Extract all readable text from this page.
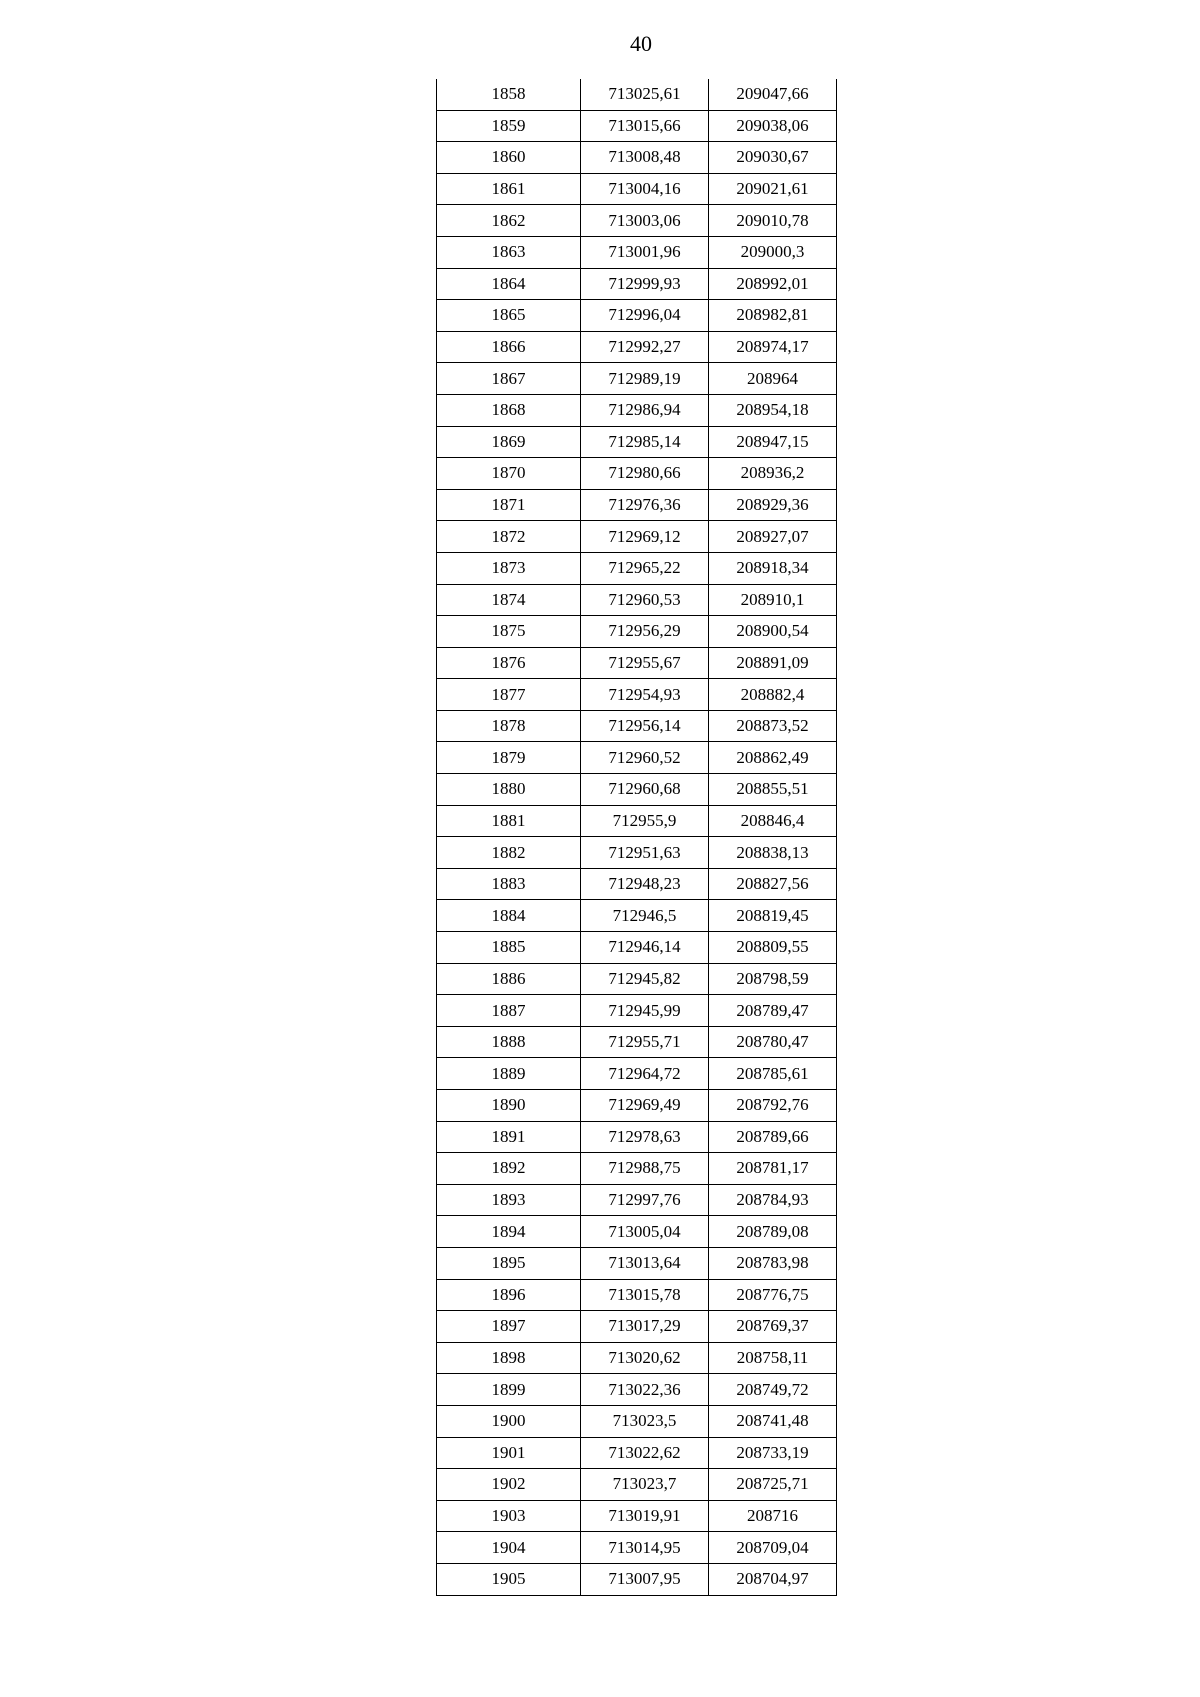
40
1858	713025,61	209047,66
1859	713015,66	209038,06
1860	713008,48	209030,67
1861	713004,16	209021,61
1862	713003,06	209010,78
1863	713001,96	209000,3
1864	712999,93	208992,01
1865	712996,04	208982,81
1866	712992,27	208974,17
1867	712989,19	208964
1868	712986,94	208954,18
1869	712985,14	208947,15
1870	712980,66	208936,2
1871	712976,36	208929,36
1872	712969,12	208927,07
1873	712965,22	208918,34
1874	712960,53	208910,1
1875	712956,29	208900,54
1876	712955,67	208891,09
1877	712954,93	208882,4
1878	712956,14	208873,52
1879	712960,52	208862,49
1880	712960,68	208855,51
1881	712955,9	208846,4
1882	712951,63	208838,13
1883	712948,23	208827,56
1884	712946,5	208819,45
1885	712946,14	208809,55
1886	712945,82	208798,59
1887	712945,99	208789,47
1888	712955,71	208780,47
1889	712964,72	208785,61
1890	712969,49	208792,76
1891	712978,63	208789,66
1892	712988,75	208781,17
1893	712997,76	208784,93
1894	713005,04	208789,08
1895	713013,64	208783,98
1896	713015,78	208776,75
1897	713017,29	208769,37
1898	713020,62	208758,11
1899	713022,36	208749,72
1900	713023,5	208741,48
1901	713022,62	208733,19
1902	713023,7	208725,71
1903	713019,91	208716
1904	713014,95	208709,04
1905	713007,95	208704,97
